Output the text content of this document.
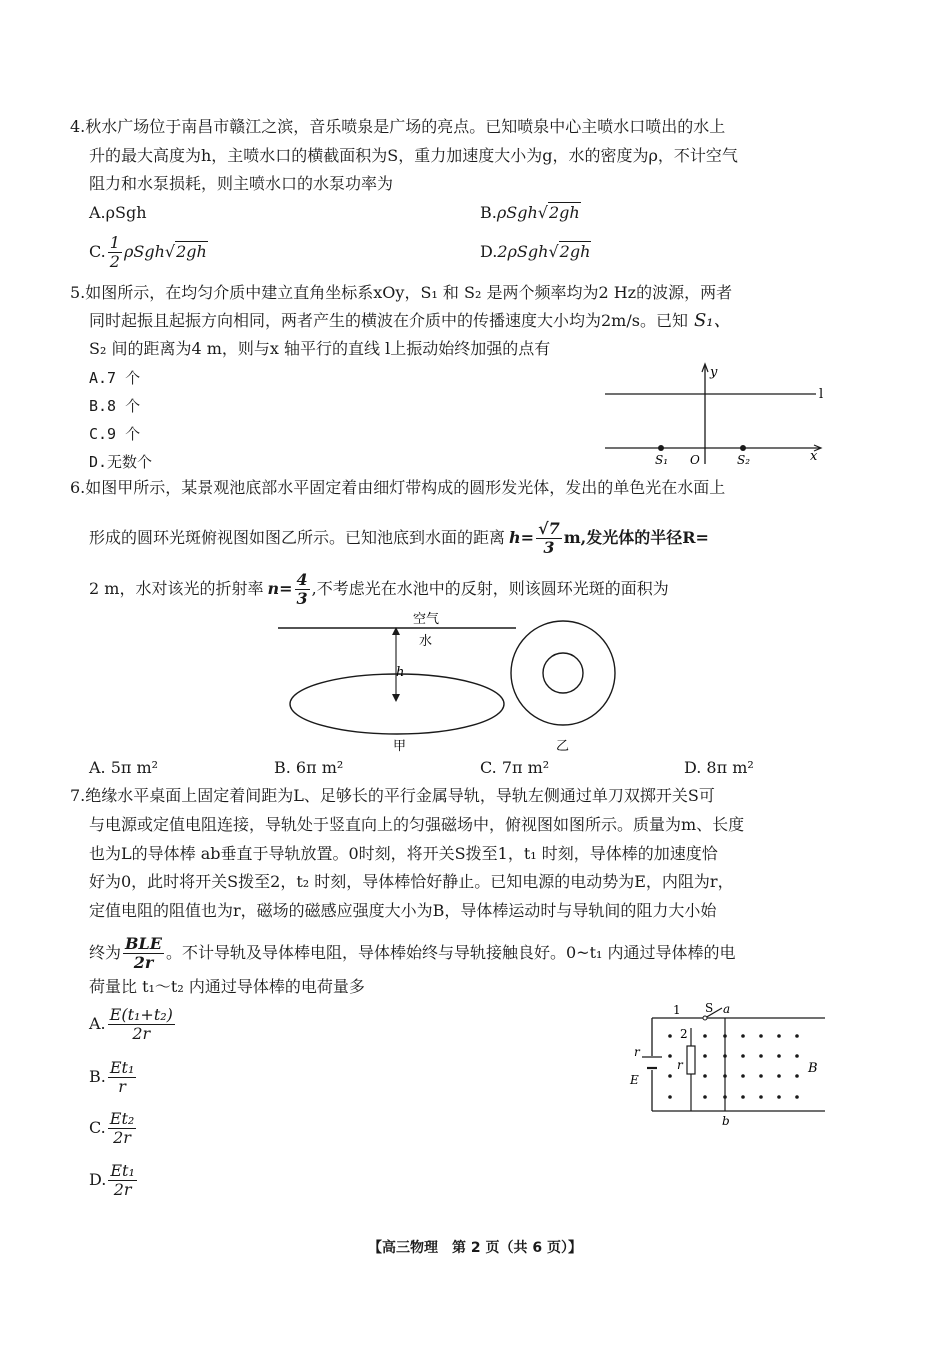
4.秋水广场位于南昌市赣江之滨，音乐喷泉是广场的亮点。已知喷泉中心主喷水口喷出的水上
升的最大高度为h，主喷水口的横截面积为S，重力加速度大小为g，水的密度为ρ，不计空气
阻力和水泵损耗，则主喷水口的水泵功率为
A.ρSgh	B.ρSgh√2gh
C. $\frac{1}{2} \rho Sgh√2gh$	D.2ρSgh√2gh
5.如图所示，在均匀介质中建立直角坐标系xOy，S₁ 和 S₂ 是两个频率均为2 Hz的波源，两者
同时起振且起振方向相同，两者产生的横波在介质中的传播速度大小均为2m/s。已知 S₁、
S₂ 间的距离为4 m，则与x 轴平行的直线 l上振动始终加强的点有
A.7 个
B.8 个
C.9 个
D.无数个
y
l
x
S₁ O	S₂
6.如图甲所示，某景观池底部水平固定着由细灯带构成的圆形发光体，发出的单色光在水面上
形成的圆环光斑俯视图如图乙所示。已知池底到水面的距离 $h= \frac{√7}{3} m$,发光体的半径R=
2 m，水对该光的折射率 $n= \frac{4}{3}$ ,不考虑光在水池中的反射，则该圆环光斑的面积为
空气
水
h
甲	乙
A. 5π m²	B. 6π m²	C. 7π m²	D. 8π m²
7.绝缘水平桌面上固定着间距为L、足够长的平行金属导轨，导轨左侧通过单刀双掷开关S可
与电源或定值电阻连接，导轨处于竖直向上的匀强磁场中，俯视图如图所示。质量为m、长度
也为L的导体棒 ab垂直于导轨放置。0时刻，将开关S拨至1，t₁ 时刻，导体棒的加速度恰
好为0，此时将开关S拨至2，t₂ 时刻，导体棒恰好静止。已知电源的电动势为E，内阻为r，
定值电阻的阻值也为r，磁场的磁感应强度大小为B，导体棒运动时与导轨间的阻力大小始
终为 $\frac{\text{BLE}}{2r}$ 。不计导轨及导体棒电阻，导体棒始终与导轨接触良好。0~t₁ 内通过导体棒的电
荷量比 t₁～t₂ 内通过导体棒的电荷量多
A. $\frac{\text{E(t₁+t₂)}}{2r}$
B. $\frac{\text{Et₁}}{r}$
C. $\frac{\text{Et₂}}{2r}$
D. $\frac{\text{Et₁}}{2r}$
1 S a
2
r
r
E
B
b
【高三物理　第 2 页（共 6 页）】
